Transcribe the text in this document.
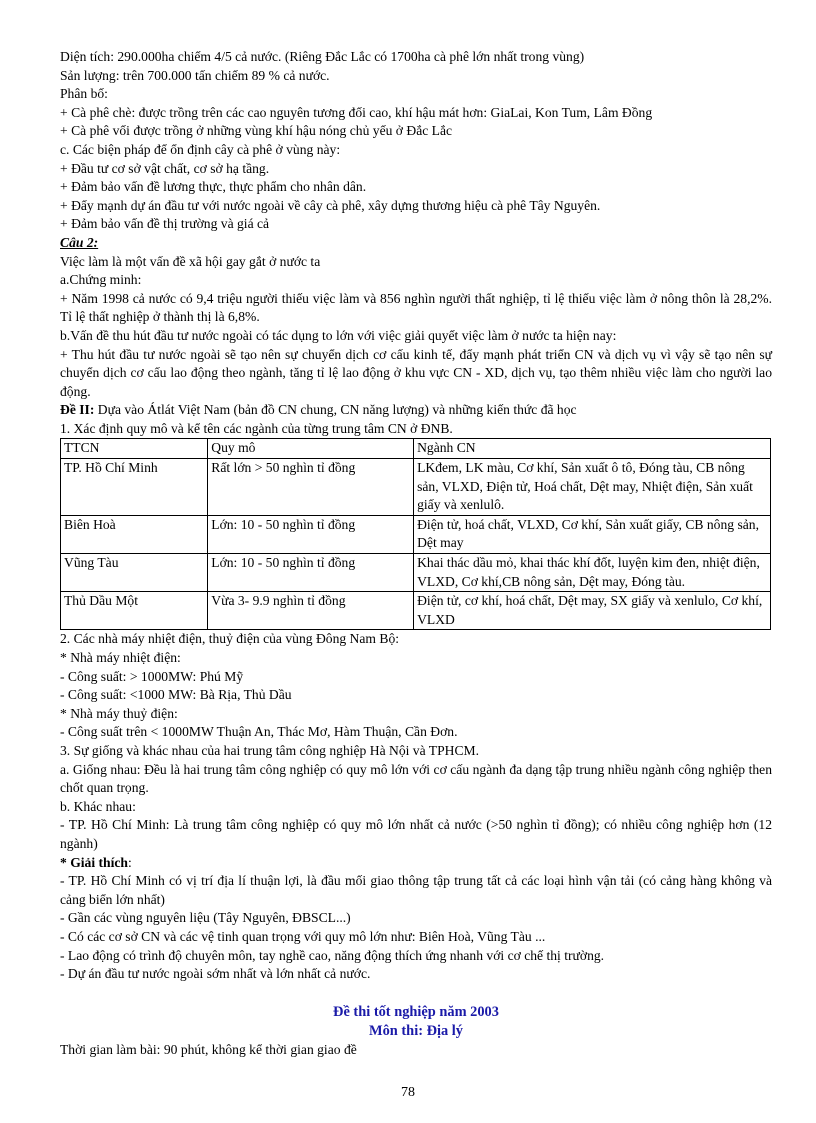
Diện tích: 290.000ha chiếm 4/5 cả nước. (Riêng Đắc Lắc có 1700ha cà phê lớn nhất trong vùng)
Sản lượng: trên 700.000 tấn chiếm 89 % cả nước.
Phân bố:
+ Cà phê chè: được trồng trên các cao nguyên tương đối cao, khí hậu mát hơn: GiaLai, Kon Tum, Lâm Đồng
+ Cà phê vối được trồng ở những vùng khí hậu nóng chủ yếu ở Đắc Lắc
c. Các biện pháp để ổn định cây cà phê ở vùng này:
+ Đầu tư cơ sở vật chất, cơ sở hạ tầng.
+ Đảm bảo vấn đề lương thực, thực phẩm cho nhân dân.
+ Đẩy mạnh dự án đầu tư với nước ngoài về cây cà phê, xây dựng thương hiệu cà phê Tây Nguyên.
+ Đảm bảo vấn đề thị trường và giá cả
Câu 2:
Việc làm là một vấn đề xã hội gay gắt ở nước ta
a.Chứng minh:
+ Năm 1998 cả nước có 9,4 triệu người thiếu việc làm và 856 nghìn người thất nghiệp, tỉ lệ thiếu việc làm ở nông thôn là 28,2%. Tỉ lệ thất nghiệp ở thành thị là 6,8%.
b.Vấn đề thu hút đầu tư nước ngoài có tác dụng to lớn với việc giải quyết việc làm ở nước ta hiện nay:
+ Thu hút đầu tư nước ngoài sẽ tạo nên sự chuyển dịch cơ cấu kinh tế, đẩy mạnh phát triển CN và dịch vụ vì vậy sẽ tạo nên sự chuyển dịch cơ cấu lao động theo ngành, tăng tỉ lệ lao động ở khu vực CN - XD, dịch vụ, tạo thêm nhiều việc làm cho người lao động.
Đề II: Dựa vào Átlát Việt Nam (bản đồ CN chung, CN năng lượng) và những kiến thức đã học
1. Xác định quy mô và kể tên các ngành của từng trung tâm CN ở ĐNB.
TTCN	Quy mô	Ngành CN
TP. Hồ Chí Minh	Rất lớn > 50 nghìn tỉ đồng	LKđem, LK màu, Cơ khí, Sản xuất ô tô, Đóng tàu, CB nông sản, VLXD, Điện tử, Hoá chất, Dệt may, Nhiệt điện, Sản xuất giấy và xenlulô.
Biên Hoà	Lớn: 10 - 50 nghìn tỉ đồng	Điện tử, hoá chất, VLXD, Cơ khí, Sản xuất giấy, CB nông sản, Dệt may
Vũng Tàu	Lớn: 10 - 50 nghìn tỉ đồng	Khai thác dầu mỏ, khai thác khí đốt, luyện kim đen, nhiệt điện, VLXD, Cơ khí,CB nông sản, Dệt may, Đóng tàu.
Thủ Dầu Một	Vừa 3- 9.9 nghìn tỉ đồng	Điện tử, cơ khí, hoá chất, Dệt may, SX giấy và xenlulo, Cơ khí, VLXD
2. Các nhà máy nhiệt điện, thuỷ điện của vùng Đông Nam Bộ:
* Nhà máy nhiệt điện:
- Công suất: > 1000MW: Phú Mỹ
- Công suất: <1000 MW: Bà Rịa, Thủ Dầu
* Nhà máy thuỷ điện:
- Công suất trên < 1000MW Thuận An, Thác Mơ, Hàm Thuận, Cần Đơn.
3. Sự giống và khác nhau của hai trung tâm công nghiệp Hà Nội và TPHCM.
a. Giống nhau: Đều là hai trung tâm công nghiệp có quy mô lớn với cơ cấu ngành đa dạng tập trung nhiều ngành công nghiệp then chốt quan trọng.
b. Khác nhau:
- TP. Hồ Chí Minh: Là trung tâm công nghiệp có quy mô lớn nhất cả nước (>50 nghìn tỉ đồng); có nhiều công nghiệp hơn (12 ngành)
* Giải thích:
- TP. Hồ Chí Minh có vị trí địa lí thuận lợi, là đầu mối giao thông tập trung tất cả các loại hình vận tải (có cảng hàng không và cảng biển lớn nhất)
- Gần các vùng nguyên liệu (Tây Nguyên, ĐBSCL...)
- Có các cơ sở CN và các vệ tinh quan trọng với quy mô lớn như: Biên Hoà, Vũng Tàu ...
- Lao động có trình độ chuyên môn, tay nghề cao, năng động thích ứng nhanh với cơ chế thị trường.
- Dự án đầu tư nước ngoài sớm nhất và lớn nhất cả nước.
Đề thi tốt nghiệp năm 2003
Môn thi: Địa lý
Thời gian làm bài: 90 phút, không kể thời gian giao đề
78
